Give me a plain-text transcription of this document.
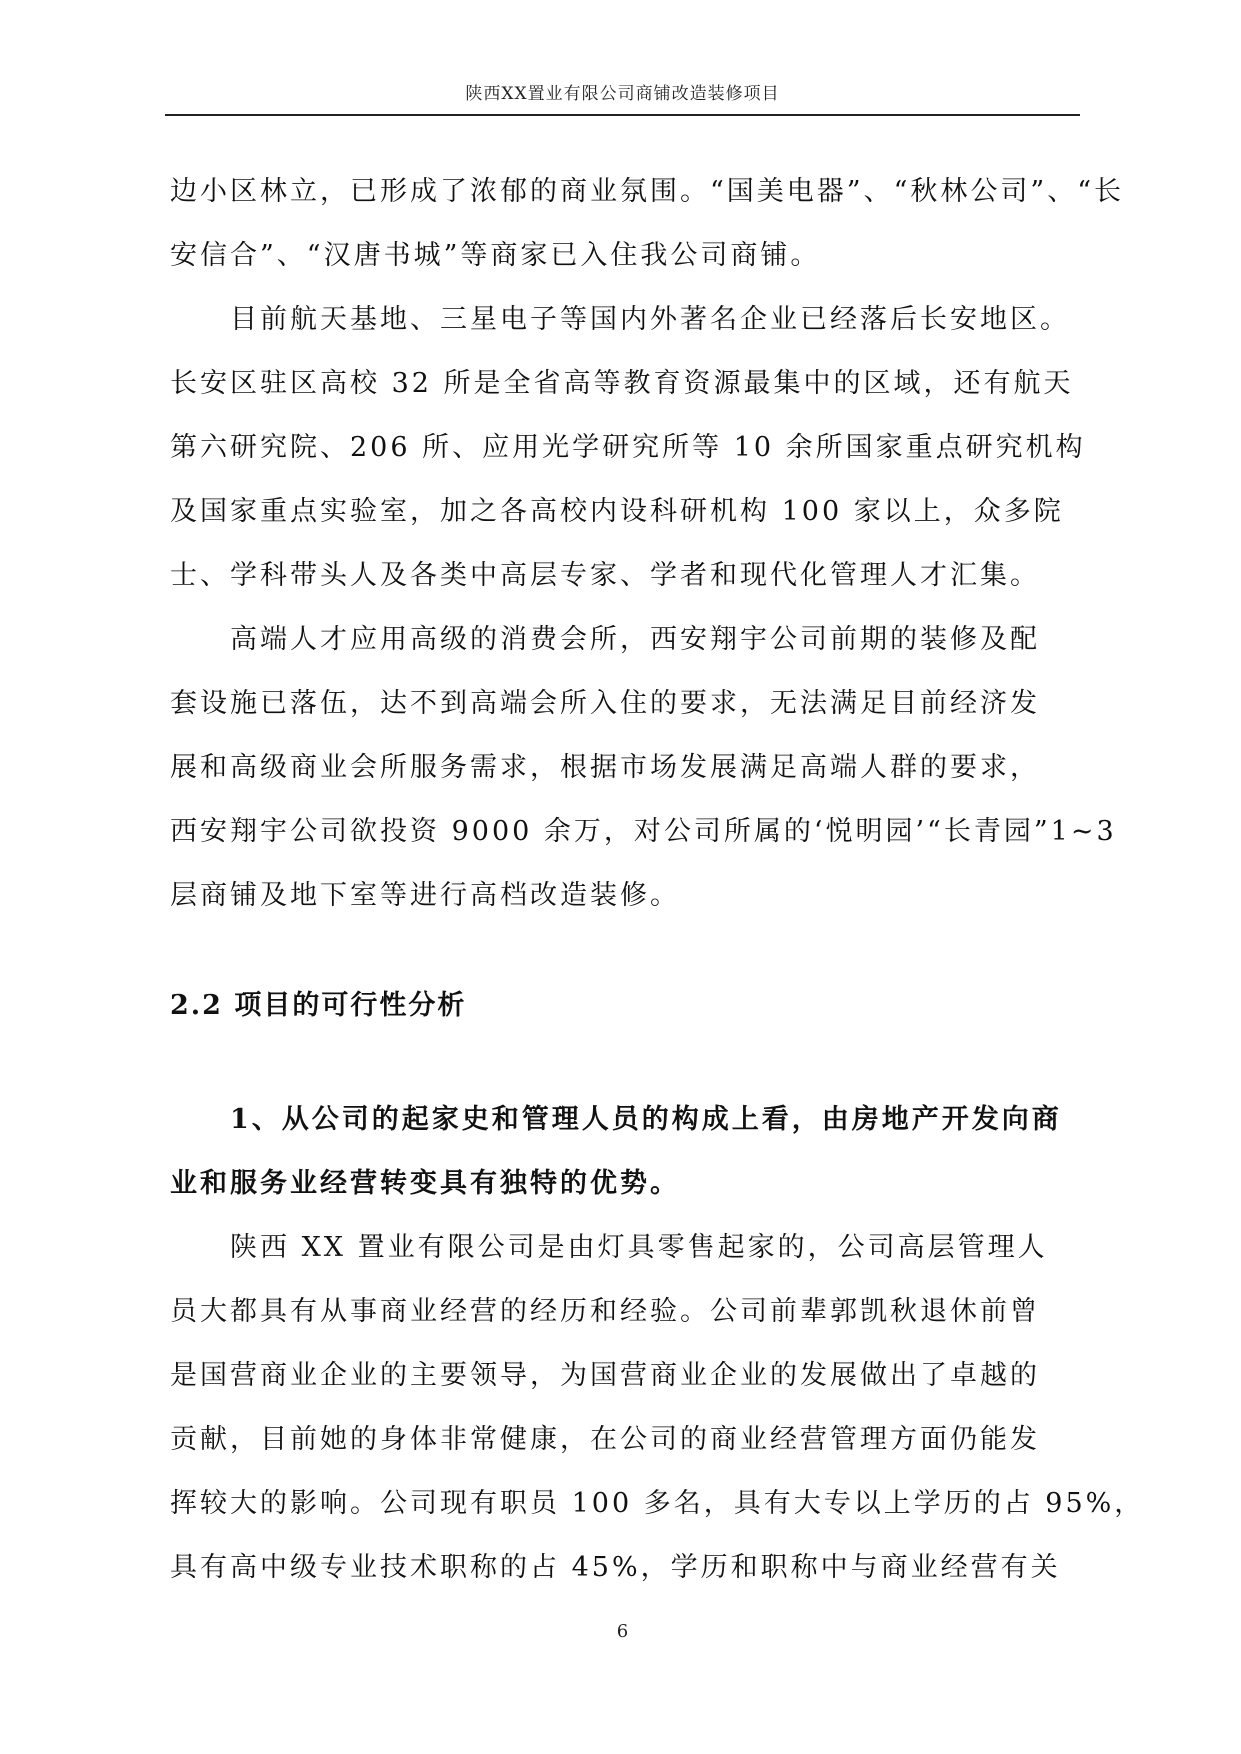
陕西XX置业有限公司商铺改造装修项目
边小区林立，已形成了浓郁的商业氛围。“国美电器”、“秋林公司”、“长
安信合”、“汉唐书城”等商家已入住我公司商铺。
目前航天基地、三星电子等国内外著名企业已经落后长安地区。
长安区驻区高校 32 所是全省高等教育资源最集中的区域，还有航天
第六研究院、206 所、应用光学研究所等 10 余所国家重点研究机构
及国家重点实验室，加之各高校内设科研机构 100 家以上，众多院
士、学科带头人及各类中高层专家、学者和现代化管理人才汇集。
高端人才应用高级的消费会所，西安翔宇公司前期的装修及配
套设施已落伍，达不到高端会所入住的要求，无法满足目前经济发
展和高级商业会所服务需求，根据市场发展满足高端人群的要求，
西安翔宇公司欲投资 9000 余万，对公司所属的‘悦明园’“长青园”1~3
层商铺及地下室等进行高档改造装修。
2.2 项目的可行性分析
1、从公司的起家史和管理人员的构成上看，由房地产开发向商
业和服务业经营转变具有独特的优势。
陕西 XX 置业有限公司是由灯具零售起家的，公司高层管理人
员大都具有从事商业经营的经历和经验。公司前辈郭凯秋退休前曾
是国营商业企业的主要领导，为国营商业企业的发展做出了卓越的
贡献，目前她的身体非常健康，在公司的商业经营管理方面仍能发
挥较大的影响。公司现有职员 100 多名，具有大专以上学历的占 95%，
具有高中级专业技术职称的占 45%，学历和职称中与商业经营有关
6
